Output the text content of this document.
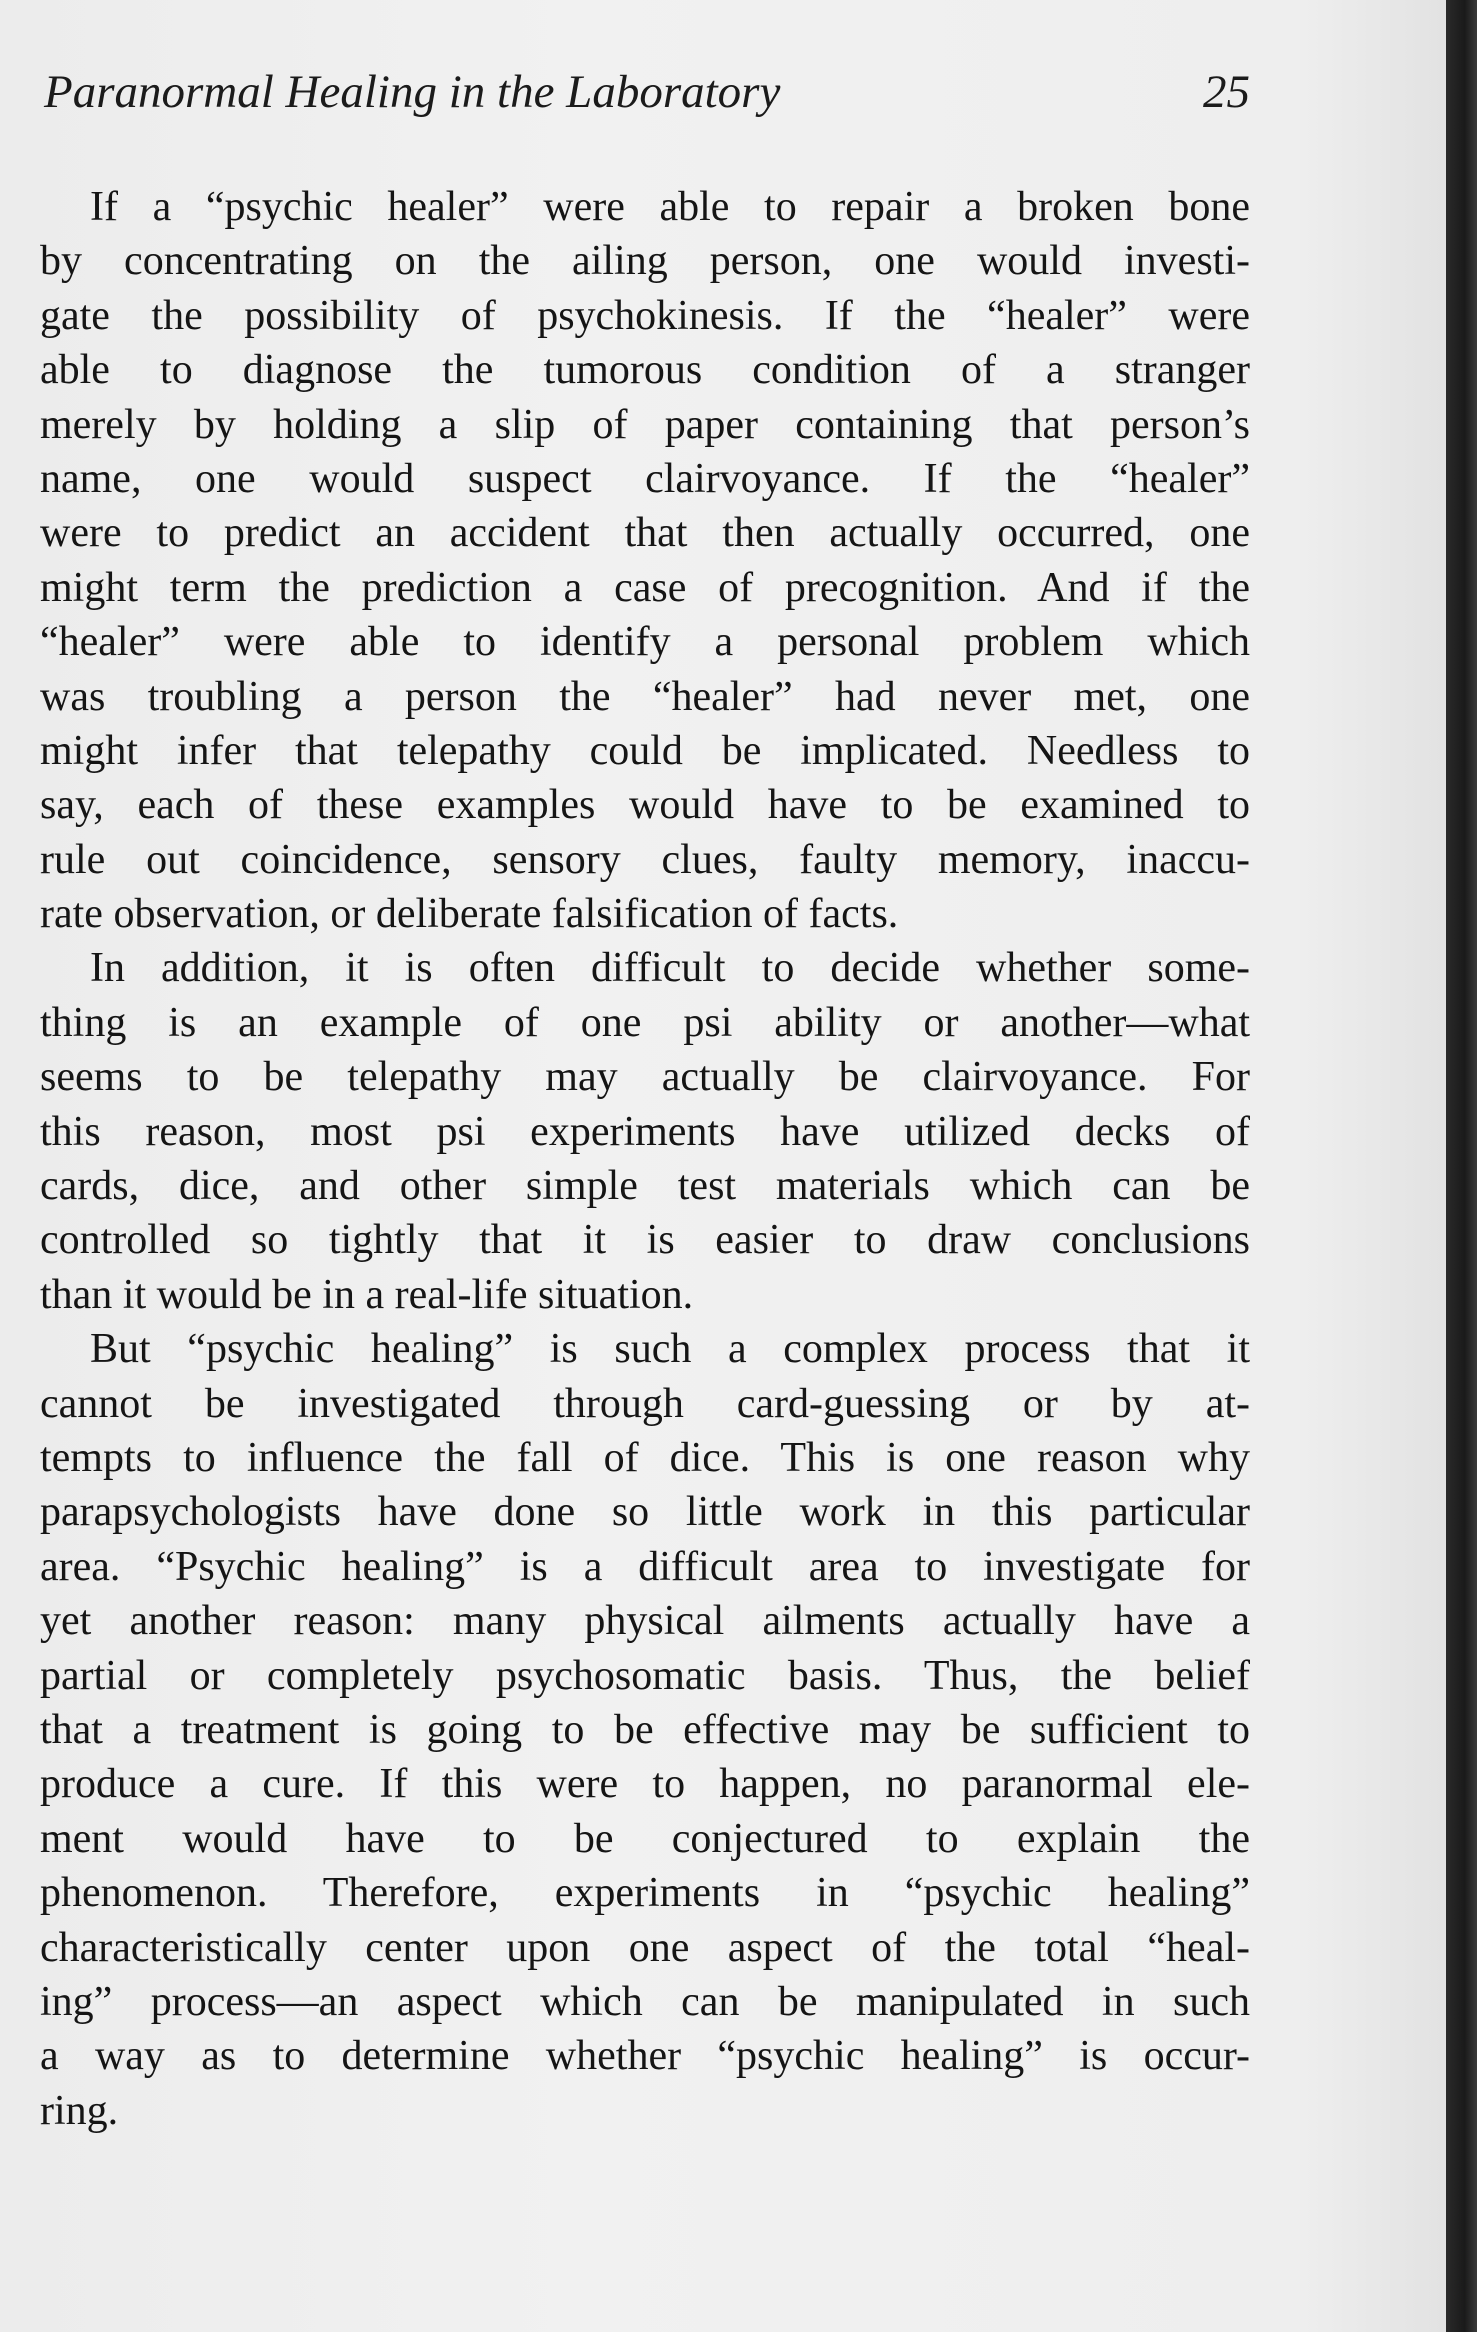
Paranormal Healing in the Laboratory	25
If a “psychic healer” were able to repair a broken bone
by concentrating on the ailing person, one would investi-
gate the possibility of psychokinesis. If the “healer” were
able to diagnose the tumorous condition of a stranger
merely by holding a slip of paper containing that person’s
name, one would suspect clairvoyance. If the “healer”
were to predict an accident that then actually occurred, one
might term the prediction a case of precognition. And if the
“healer” were able to identify a personal problem which
was troubling a person the “healer” had never met, one
might infer that telepathy could be implicated. Needless to
say, each of these examples would have to be examined to
rule out coincidence, sensory clues, faulty memory, inaccu-
rate observation, or deliberate falsification of facts.
In addition, it is often difficult to decide whether some-
thing is an example of one psi ability or another—what
seems to be telepathy may actually be clairvoyance. For
this reason, most psi experiments have utilized decks of
cards, dice, and other simple test materials which can be
controlled so tightly that it is easier to draw conclusions
than it would be in a real-life situation.
But “psychic healing” is such a complex process that it
cannot be investigated through card-guessing or by at-
tempts to influence the fall of dice. This is one reason why
parapsychologists have done so little work in this particular
area. “Psychic healing” is a difficult area to investigate for
yet another reason: many physical ailments actually have a
partial or completely psychosomatic basis. Thus, the belief
that a treatment is going to be effective may be sufficient to
produce a cure. If this were to happen, no paranormal ele-
ment would have to be conjectured to explain the
phenomenon. Therefore, experiments in “psychic healing”
characteristically center upon one aspect of the total “heal-
ing” process—an aspect which can be manipulated in such
a way as to determine whether “psychic healing” is occur-
ring.
